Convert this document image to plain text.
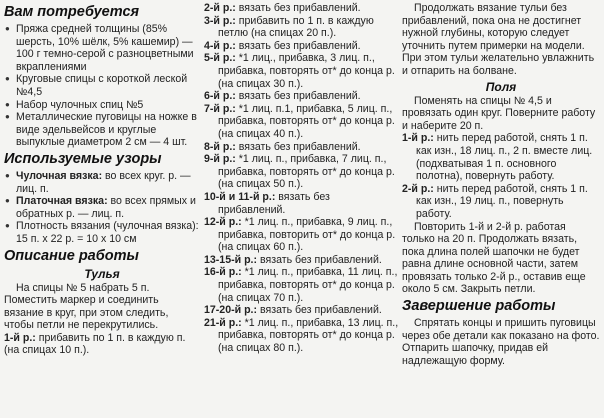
Вам потребуется

● Пряжа средней толщины (85% шерсть, 10% шёлк, 5% кашемир) — 100 г темно-серой с разноцветными вкраплениями

● Круговые спицы с короткой леской №4,5

● Набор чулочных спиц №5

● Металлические пуговицы на ножке в виде эдельвейсов и круглые выпуклые диаметром 2 см — 4 шт.

Используемые узоры

● Чулочная вязка: во всех круг. р. — лиц. п.

● Платочная вязка: во всех прямых и обратных р. — лиц. п.

● Плотность вязания (чулочная вязка): 15 п. х 22 р. = 10 х 10 см

Описание работы
Тулья

На спицы № 5 набрать 5 п. Поместить маркер и соединить вязание в круг, при этом следить, чтобы петли не перекрутились.

1-й р.: прибавить по 1 п. в каждую п. (на спицах 10 п.).

2-й р.: вязать без прибавлений.

3-й р.: прибавить по 1 п. в каждую петлю (на спицах 20 п.).

4-й р.: вязать без прибавлений.

5-й р.: *1 лиц., прибавка, 3 лиц. п., прибавка, повторять от* до конца р. (на спицах 30 п.).

6-й р.: вязать без прибавлений.

7-й р.: *1 лиц. п.1, прибавка, 5 лиц. п., прибавка, повторять от* до конца р. (на спицах 40 п.).

8-й р.: вязать без прибавлений.

9-й р.: *1 лиц. п., прибавка, 7 лиц. п., прибавка, повторять от* до конца р. (на спицах 50 п.).

10-й и 11-й р.: вязать без прибавлений.

12-й р.: *1 лиц. п., прибавка, 9 лиц. п., прибавка, повторить от* до конца р. (на спицах 60 п.).

13-15-й р.: вязать без прибавлений.

16-й р.: *1 лиц. п., прибавка, 11 лиц. п., прибавка, повторять от* до конца р. (на спицах 70 п.).

17-20-й р.: вязать без прибавлений.

21-й р.: *1 лиц. п., прибавка, 13 лиц. п., прибавка, повторять от* до конца р. (на спицах 80 п.).

Продолжать вязание тульи без прибавлений, пока она не достигнет нужной глубины, которую следует уточнить путем примерки на модели. При этом тульи желательно увлажнить и отпарить на болване.

Поля

Поменять на спицы № 4,5 и провязать один круг. Поверните работу и наберите 20 п.

1-й р.: нить перед работой, снять 1 п. как изн., 18 лиц. п., 2 п. вместе лиц. (подхватывая 1 п. основного полотна), повернуть работу.

2-й р.: нить перед работой, снять 1 п. как изн., 19 лиц. п., повернуть работу.

Повторить 1-й и 2-й р. работая только на 20 п. Продолжать вязать, пока длина полей шапочки не будет равна длине основной части, затем провязать только 2-й р., оставив еще около 5 см. Закрыть петли.

Завершение работы

Спрятать концы и пришить пуговицы через обе детали как показано на фото. Отпарить шапочку, придав ей надлежащую форму.
